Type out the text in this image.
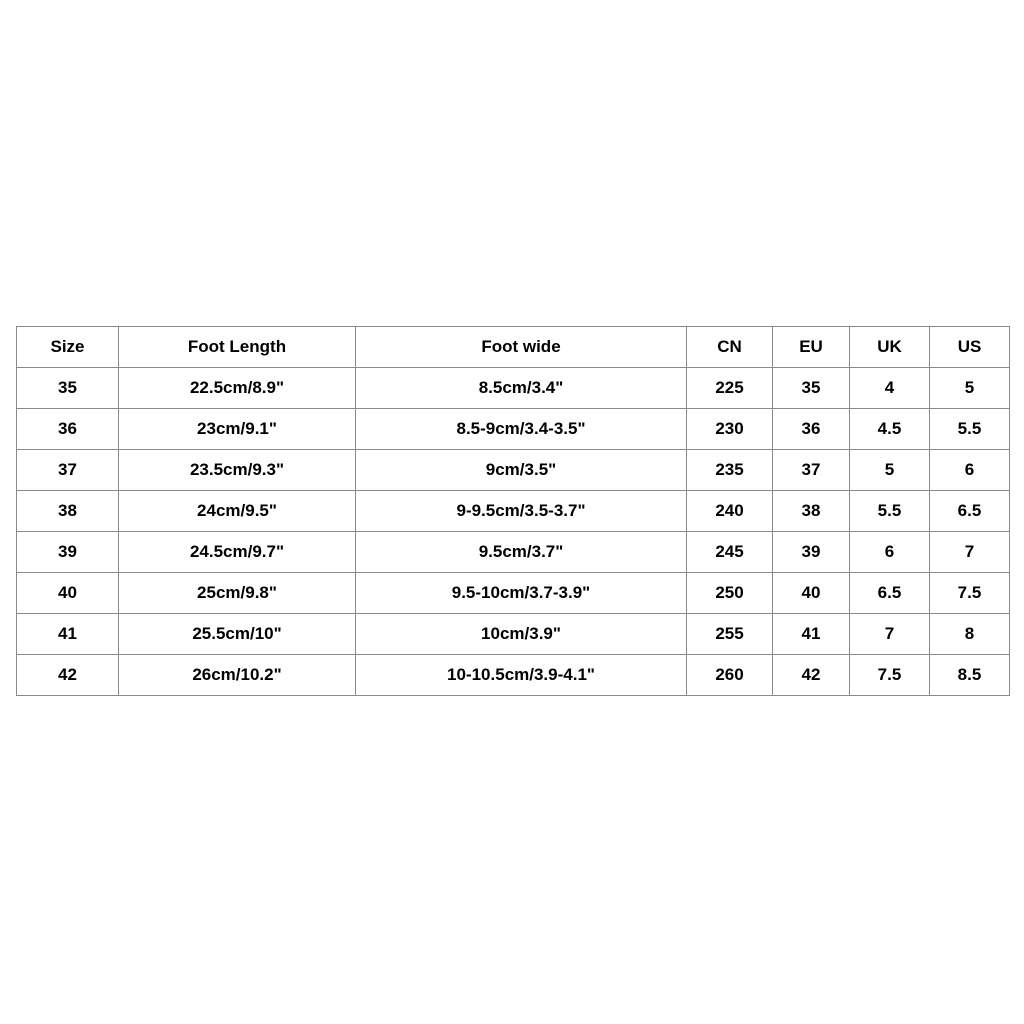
Size	Foot Length	Foot wide	CN	EU	UK	US
35	22.5cm/8.9"	8.5cm/3.4"	225	35	4	5
36	23cm/9.1"	8.5-9cm/3.4-3.5"	230	36	4.5	5.5
37	23.5cm/9.3"	9cm/3.5"	235	37	5	6
38	24cm/9.5"	9-9.5cm/3.5-3.7"	240	38	5.5	6.5
39	24.5cm/9.7"	9.5cm/3.7"	245	39	6	7
40	25cm/9.8"	9.5-10cm/3.7-3.9"	250	40	6.5	7.5
41	25.5cm/10"	10cm/3.9"	255	41	7	8
42	26cm/10.2"	10-10.5cm/3.9-4.1"	260	42	7.5	8.5
